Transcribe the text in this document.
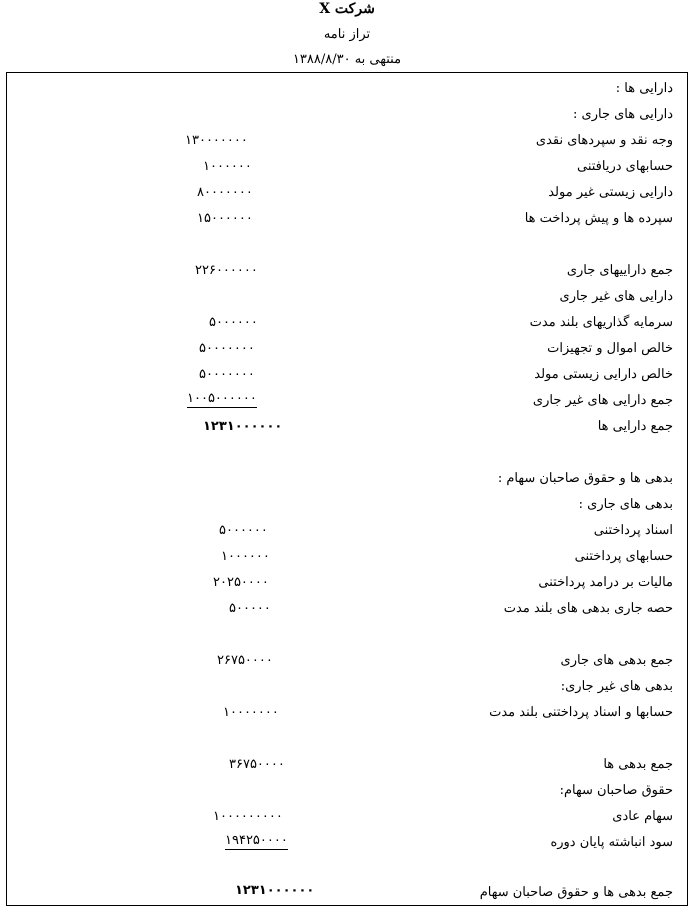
شرکت X
تراز نامه
منتهی به ۱۳۸۸/۸/۳۰
دارایی ها :
دارایی های جاری :
وجه نقد و سپردهای نقدی
۱۳۰۰۰۰۰۰۰
حسابهای دریافتنی
۱۰۰۰۰۰۰
دارایی زیستی غیر مولد
۸۰۰۰۰۰۰۰
سپرده ها و پیش پرداخت ها
۱۵۰۰۰۰۰۰
جمع داراییهای جاری
۲۲۶۰۰۰۰۰۰
دارایی های غیر جاری
سرمایه گذاریهای بلند مدت
۵۰۰۰۰۰۰
خالص اموال و تجهیزات
۵۰۰۰۰۰۰۰
خالص دارایی زیستی مولد
۵۰۰۰۰۰۰۰
جمع دارایی های غیر جاری
۱۰۰۵۰۰۰۰۰۰
جمع دارایی ها
۱۲۳۱۰۰۰۰۰۰
بدهی ها و حقوق صاحبان سهام :
بدهی های جاری :
اسناد پرداختنی
۵۰۰۰۰۰۰
حسابهای پرداختنی
۱۰۰۰۰۰۰
مالیات بر درامد پرداختنی
۲۰۲۵۰۰۰۰
حصه جاری بدهی های بلند مدت
۵۰۰۰۰۰
جمع بدهی های جاری
۲۶۷۵۰۰۰۰
بدهی های غیر جاری:
حسابها و اسناد پرداختنی بلند مدت
۱۰۰۰۰۰۰۰
جمع بدهی ها
۳۶۷۵۰۰۰۰
حقوق صاحبان سهام:
سهام عادی
۱۰۰۰۰۰۰۰۰۰
سود انباشته پایان دوره
۱۹۴۲۵۰۰۰۰
جمع بدهی ها و حقوق صاحبان سهام
۱۲۳۱۰۰۰۰۰۰
